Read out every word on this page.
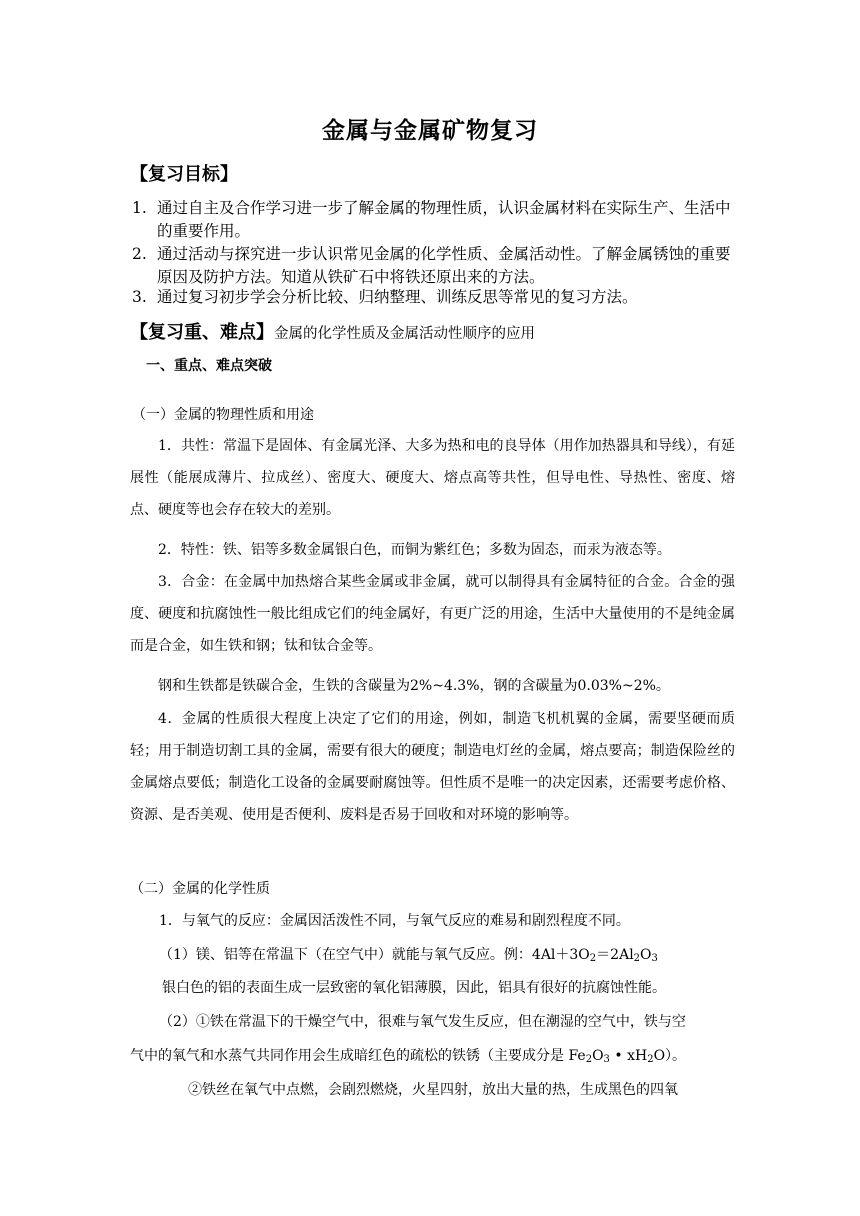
金属与金属矿物复习
【复习目标】
1. 通过自主及合作学习进一步了解金属的物理性质，认识金属材料在实际生产、生活中的重要作用。
2. 通过活动与探究进一步认识常见金属的化学性质、金属活动性。了解金属锈蚀的重要原因及防护方法。知道从铁矿石中将铁还原出来的方法。
3. 通过复习初步学会分析比较、归纳整理、训练反思等常见的复习方法。
【复习重、难点】金属的化学性质及金属活动性顺序的应用
一、重点、难点突破
（一）金属的物理性质和用途
1．共性：常温下是固体、有金属光泽、大多为热和电的良导体（用作加热器具和导线），有延展性（能展成薄片、拉成丝）、密度大、硬度大、熔点高等共性，但导电性、导热性、密度、熔点、硬度等也会存在较大的差别。
2．特性：铁、铝等多数金属银白色，而铜为紫红色；多数为固态，而汞为液态等。
3．合金：在金属中加热熔合某些金属或非金属，就可以制得具有金属特征的合金。合金的强度、硬度和抗腐蚀性一般比组成它们的纯金属好，有更广泛的用途，生活中大量使用的不是纯金属而是合金，如生铁和钢；钛和钛合金等。
钢和生铁都是铁碳合金，生铁的含碳量为2%~4.3%，钢的含碳量为0.03%~2%。
4．金属的性质很大程度上决定了它们的用途，例如，制造飞机机翼的金属，需要坚硬而质轻；用于制造切割工具的金属，需要有很大的硬度；制造电灯丝的金属，熔点要高；制造保险丝的金属熔点要低；制造化工设备的金属要耐腐蚀等。但性质不是唯一的决定因素，还需要考虑价格、资源、是否美观、使用是否便利、废料是否易于回收和对环境的影响等。
（二）金属的化学性质
1．与氧气的反应：金属因活泼性不同，与氧气反应的难易和剧烈程度不同。
（1）镁、铝等在常温下（在空气中）就能与氧气反应。例：$4Al+3O_2=2Al_2O_3$
银白色的铝的表面生成一层致密的氧化铝薄膜，因此，铝具有很好的抗腐蚀性能。
（2）①铁在常温下的干燥空气中，很难与氧气发生反应，但在潮湿的空气中，铁与空
气中的氧气和水蒸气共同作用会生成暗红色的疏松的铁锈（主要成分是 $Fe_2O_3$ • $xH_2O$）。
②铁丝在氧气中点燃，会剧烈燃烧，火星四射，放出大量的热，生成黑色的四氧
